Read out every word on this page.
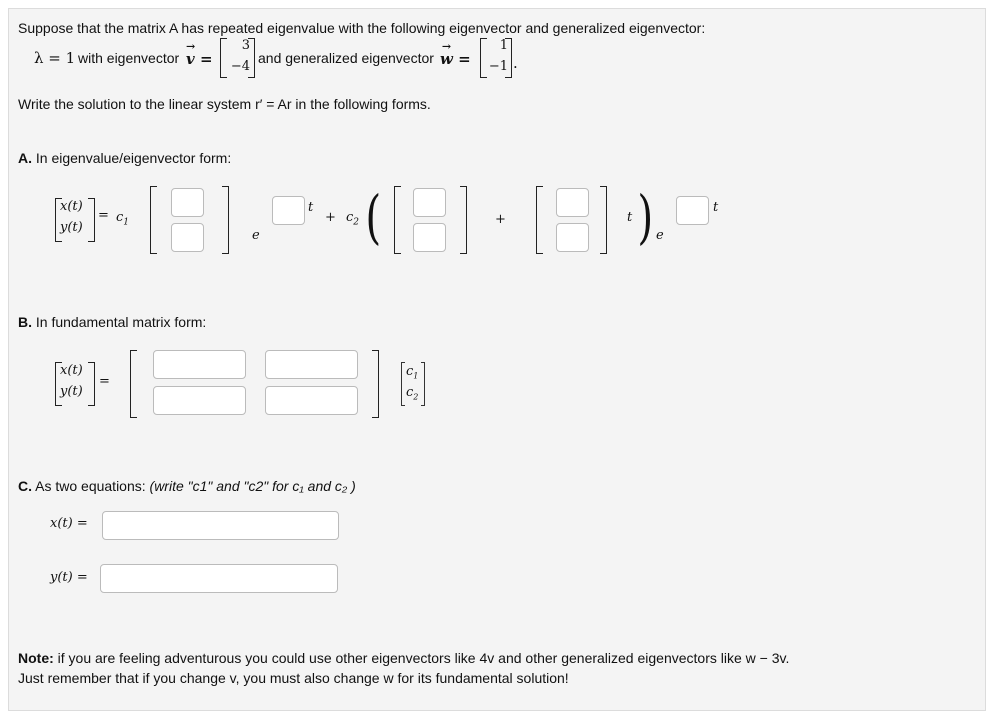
Suppose that the matrix A has repeated eigenvalue with the following eigenvector and generalized eigenvector:
λ = 1 with eigenvector → v =
3
−4
and generalized eigenvector → w =
1
−1 .
Write the solution to the linear system r′ = Ar in the following forms.
A. In eigenvalue/eigenvector form:
x(t)
y(t)
= $c_1$
e
t
+ $c_2$ (	+	t ) e
t
B. In fundamental matrix form:
x(t)
y(t)
=
$c_1$
$c_2$
C. As two equations: (write "c1" and "c2" for c₁ and c₂ )
x(t) =
y(t) =
Note: if you are feeling adventurous you could use other eigenvectors like 4v and other generalized eigenvectors like w − 3v.
Just remember that if you change v, you must also change w for its fundamental solution!
